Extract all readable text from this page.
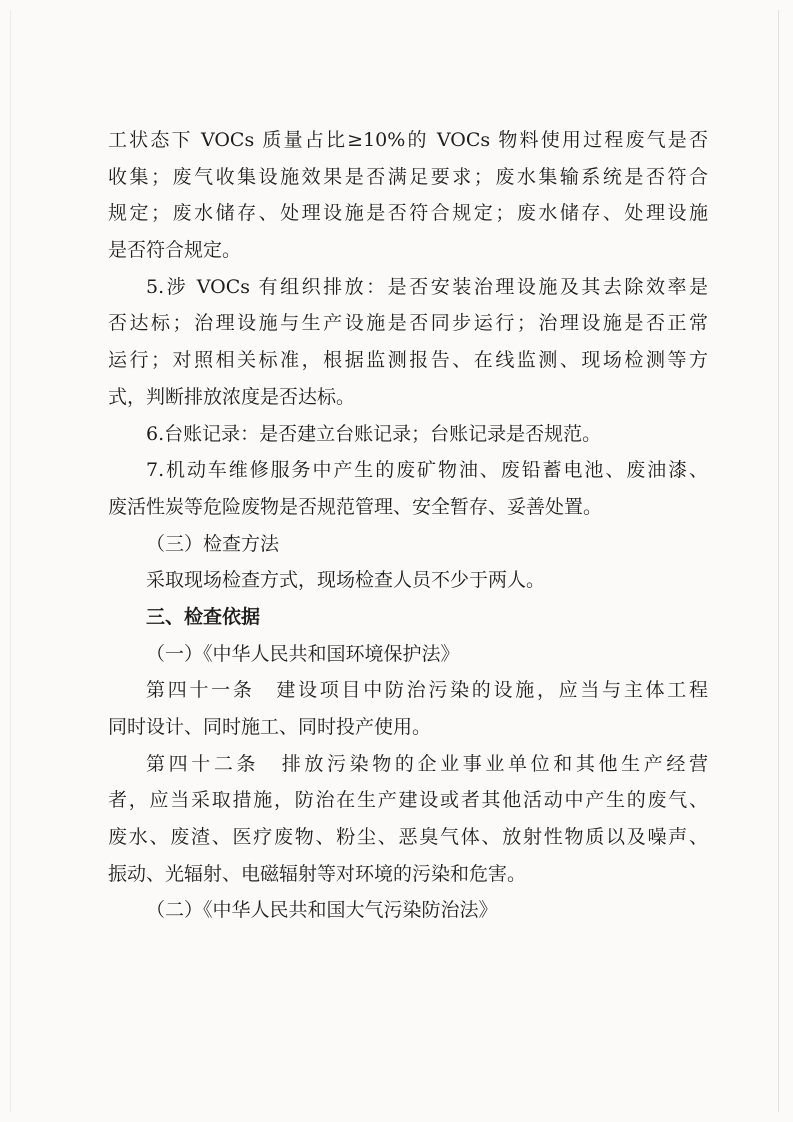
工状态下 VOCs 质量占比≥10%的 VOCs 物料使用过程废气是否
收集；废气收集设施效果是否满足要求；废水集输系统是否符合
规定；废水储存、处理设施是否符合规定；废水储存、处理设施
是否符合规定。
5.涉 VOCs 有组织排放：是否安装治理设施及其去除效率是
否达标；治理设施与生产设施是否同步运行；治理设施是否正常
运行；对照相关标准，根据监测报告、在线监测、现场检测等方
式，判断排放浓度是否达标。
6.台账记录：是否建立台账记录；台账记录是否规范。
7.机动车维修服务中产生的废矿物油、废铅蓄电池、废油漆、
废活性炭等危险废物是否规范管理、安全暂存、妥善处置。
（三）检查方法
采取现场检查方式，现场检查人员不少于两人。
三、检查依据
（一）《中华人民共和国环境保护法》
第四十一条　建设项目中防治污染的设施，应当与主体工程
同时设计、同时施工、同时投产使用。
第四十二条　排放污染物的企业事业单位和其他生产经营
者，应当采取措施，防治在生产建设或者其他活动中产生的废气、
废水、废渣、医疗废物、粉尘、恶臭气体、放射性物质以及噪声、
振动、光辐射、电磁辐射等对环境的污染和危害。
（二）《中华人民共和国大气污染防治法》
